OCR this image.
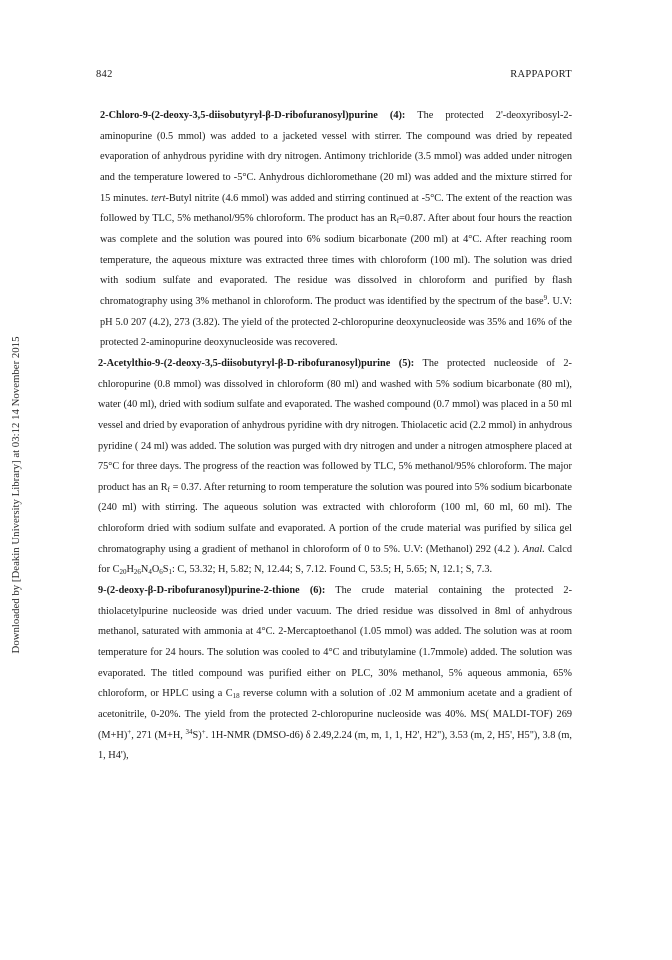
842	RAPPAPORT
Downloaded by [Deakin University Library] at 03:12 14 November 2015

2-Chloro-9-(2-deoxy-3,5-diisobutyryl-β-D-ribofuranosyl)purine (4): The protected 2'-deoxyribosyl-2-aminopurine (0.5 mmol) was added to a jacketed vessel with stirrer. The compound was dried by repeated evaporation of anhydrous pyridine with dry nitrogen. Antimony trichloride (3.5 mmol) was added under nitrogen and the temperature lowered to -5°C. Anhydrous dichloromethane (20 ml) was added and the mixture stirred for 15 minutes. tert-Butyl nitrite (4.6 mmol) was added and stirring continued at -5°C. The extent of the reaction was followed by TLC, 5% methanol/95% chloroform. The product has an $R_f=0.87$. After about four hours the reaction was complete and the solution was poured into 6% sodium bicarbonate (200 ml) at 4°C. After reaching room temperature, the aqueous mixture was extracted three times with chloroform (100 ml). The solution was dried with sodium sulfate and evaporated. The residue was dissolved in chloroform and purified by flash chromatography using 3% methanol in chloroform. The product was identified by the spectrum of the base$^9$. U.V: pH 5.0 207 (4.2), 273 (3.82). The yield of the protected 2-chloropurine deoxynucleoside was 35% and 16% of the protected 2-aminopurine deoxynucleoside was recovered.

2-Acetylthio-9-(2-deoxy-3,5-diisobutyryl-β-D-ribofuranosyl)purine (5): The protected nucleoside of 2-chloropurine (0.8 mmol) was dissolved in chloroform (80 ml) and washed with 5% sodium bicarbonate (80 ml), water (40 ml), dried with sodium sulfate and evaporated. The washed compound (0.7 mmol) was placed in a 50 ml vessel and dried by evaporation of anhydrous pyridine with dry nitrogen. Thiolacetic acid (2.2 mmol) in anhydrous pyridine ( 24 ml) was added. The solution was purged with dry nitrogen and under a nitrogen atmosphere placed at 75°C for three days. The progress of the reaction was followed by TLC, 5% methanol/95% chloroform. The major product has an $R_f = 0.37$. After returning to room temperature the solution was poured into 5% sodium bicarbonate (240 ml) with stirring. The aqueous solution was extracted with chloroform (100 ml, 60 ml, 60 ml). The chloroform dried with sodium sulfate and evaporated. A portion of the crude material was purified by silica gel chromatography using a gradient of methanol in chloroform of 0 to 5%. U.V: (Methanol) 292 (4.2 ). Anal. Calcd for $C_{20}H_{26}N_4O_6S_1$: C, 53.32; H, 5.82; N, 12.44; S, 7.12. Found C, 53.5; H, 5.65; N, 12.1; S, 7.3.

9-(2-deoxy-β-D-ribofuranosyl)purine-2-thione (6): The crude material containing the protected 2-thiolacetylpurine nucleoside was dried under vacuum. The dried residue was dissolved in 8ml of anhydrous methanol, saturated with ammonia at 4°C. 2-Mercaptoethanol (1.05 mmol) was added. The solution was at room temperature for 24 hours. The solution was cooled to 4°C and tributylamine (1.7mmole) added. The solution was evaporated. The titled compound was purified either on PLC, 30% methanol, 5% aqueous ammonia, 65% chloroform, or HPLC using a $C_{18}$ reverse column with a solution of .02 M ammonium acetate and a gradient of acetonitrile, 0-20%. The yield from the protected 2-chloropurine nucleoside was 40%. MS( MALDI-TOF) 269 (M+H)+, 271 (M+H, $^{34}$S)+. 1H-NMR (DMSO-d6) δ 2.49,2.24 (m, m, 1, 1, H2', H2"), 3.53 (m, 2, H5', H5"), 3.8 (m, 1, H4'),
